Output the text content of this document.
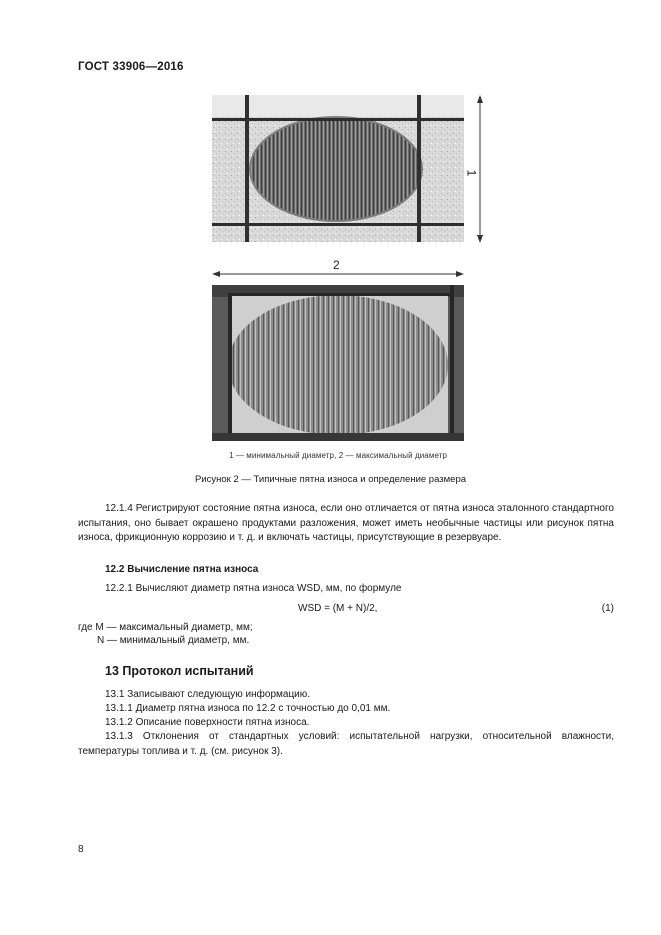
ГОСТ 33906—2016
1
2
1 — минимальный диаметр, 2 — максимальный диаметр
Рисунок 2 — Типичные пятна износа и определение размера
12.1.4 Регистрируют состояние пятна износа, если оно отличается от пятна износа эталонного стандартного испытания, оно бывает окрашено продуктами разложения, может иметь необычные частицы или рисунок пятна износа, фрикционную коррозию и т. д. и включать частицы, присутствующие в резервуаре.
12.2 Вычисление пятна износа
12.2.1 Вычисляют диаметр пятна износа WSD, мм, по формуле
WSD = (M + N)/2,	(1)
где M — максимальный диаметр, мм;
N — минимальный диаметр, мм.
13 Протокол испытаний
13.1 Записывают следующую информацию.
13.1.1 Диаметр пятна износа по 12.2 с точностью до 0,01 мм.
13.1.2 Описание поверхности пятна износа.
13.1.3 Отклонения от стандартных условий: испытательной нагрузки, относительной влажности, температуры топлива и т. д. (см. рисунок 3).
8
